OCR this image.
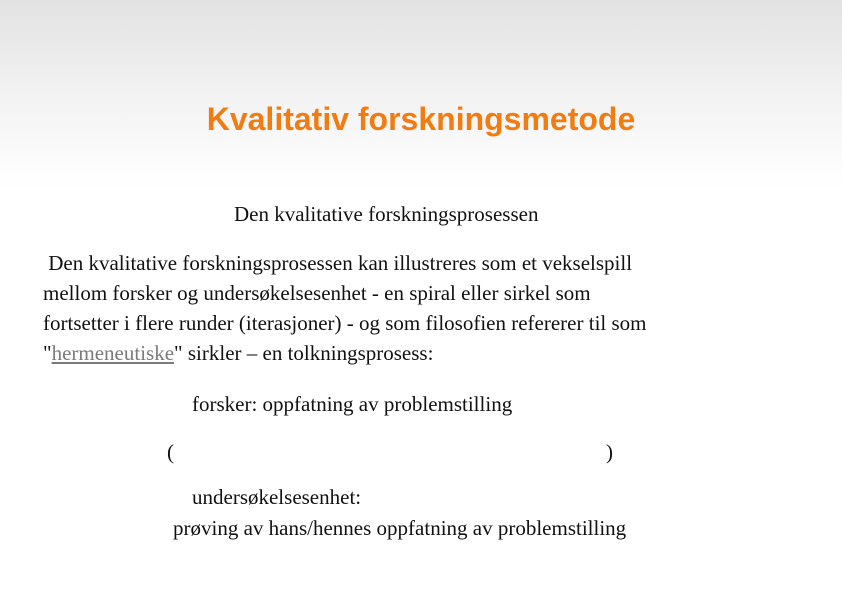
Kvalitativ forskningsmetode
Den kvalitative forskningsprosessen
Den kvalitative forskningsprosessen kan illustreres som et vekselspill
mellom forsker og undersøkelsesenhet - en spiral eller sirkel som
fortsetter i flere runder (iterasjoner) - og som filosofien refererer til som
"hermeneutiske" sirkler – en tolkningsprosess:
forsker: oppfatning av problemstilling
(	)
undersøkelsesenhet:
prøving av hans/hennes oppfatning av problemstilling
